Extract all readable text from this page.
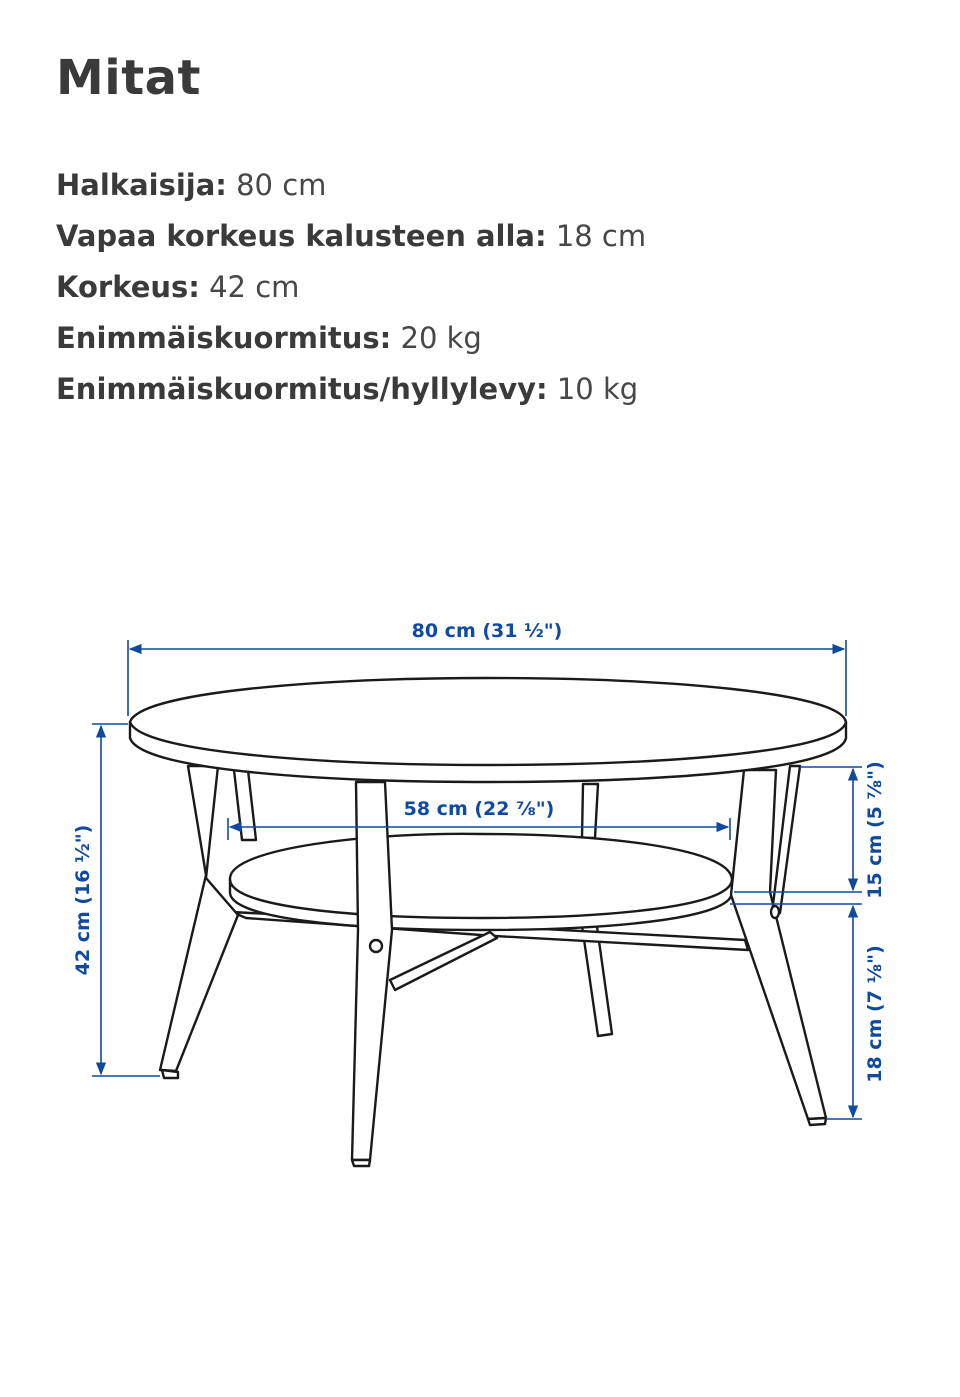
Mitat
Halkaisija: 80 cm
Vapaa korkeus kalusteen alla: 18 cm
Korkeus: 42 cm
Enimmäiskuormitus: 20 kg
Enimmäiskuormitus/hyllylevy: 10 kg
80 cm (31 ½")
58 cm (22 ⅞")
42 cm (16 ½")	15 cm (5 ⅞")
18 cm (7 ⅛")
